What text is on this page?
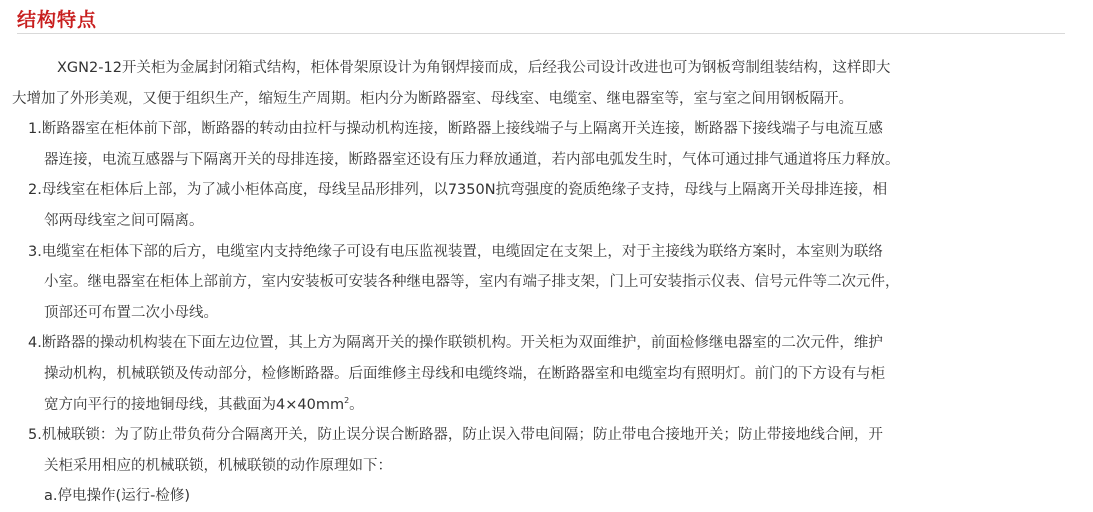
结构特点

　　XGN2-12开关柜为金属封闭箱式结构，柜体骨架原设计为角钢焊接而成，后经我公司设计改进也可为钢板弯制组装结构，这样即大

大增加了外形美观，又便于组织生产，缩短生产周期。柜内分为断路器室、母线室、电缆室、继电器室等，室与室之间用钢板隔开。

1.断路器室在柜体前下部，断路器的转动由拉杆与操动机构连接，断路器上接线端子与上隔离开关连接，断路器下接线端子与电流互感

器连接，电流互感器与下隔离开关的母排连接，断路器室还设有压力释放通道，若内部电弧发生时，气体可通过排气通道将压力释放。

2.母线室在柜体后上部，为了减小柜体高度，母线呈品形排列，以7350N抗弯强度的瓷质绝缘子支持，母线与上隔离开关母排连接，相

邻两母线室之间可隔离。

3.电缆室在柜体下部的后方，电缆室内支持绝缘子可设有电压监视装置，电缆固定在支架上，对于主接线为联络方案时，本室则为联络

小室。继电器室在柜体上部前方，室内安装板可安装各种继电器等，室内有端子排支架，门上可安装指示仪表、信号元件等二次元件，

顶部还可布置二次小母线。

4.断路器的操动机构装在下面左边位置，其上方为隔离开关的操作联锁机构。开关柜为双面维护，前面检修继电器室的二次元件，维护

操动机构，机械联锁及传动部分，检修断路器。后面维修主母线和电缆终端，在断路器室和电缆室均有照明灯。前门的下方设有与柜

宽方向平行的接地铜母线，其截面为$4\times 40mm^2$。

5.机械联锁：为了防止带负荷分合隔离开关，防止误分误合断路器，防止误入带电间隔；防止带电合接地开关；防止带接地线合闸，开

关柜采用相应的机械联锁，机械联锁的动作原理如下：

a.停电操作(运行-检修)
